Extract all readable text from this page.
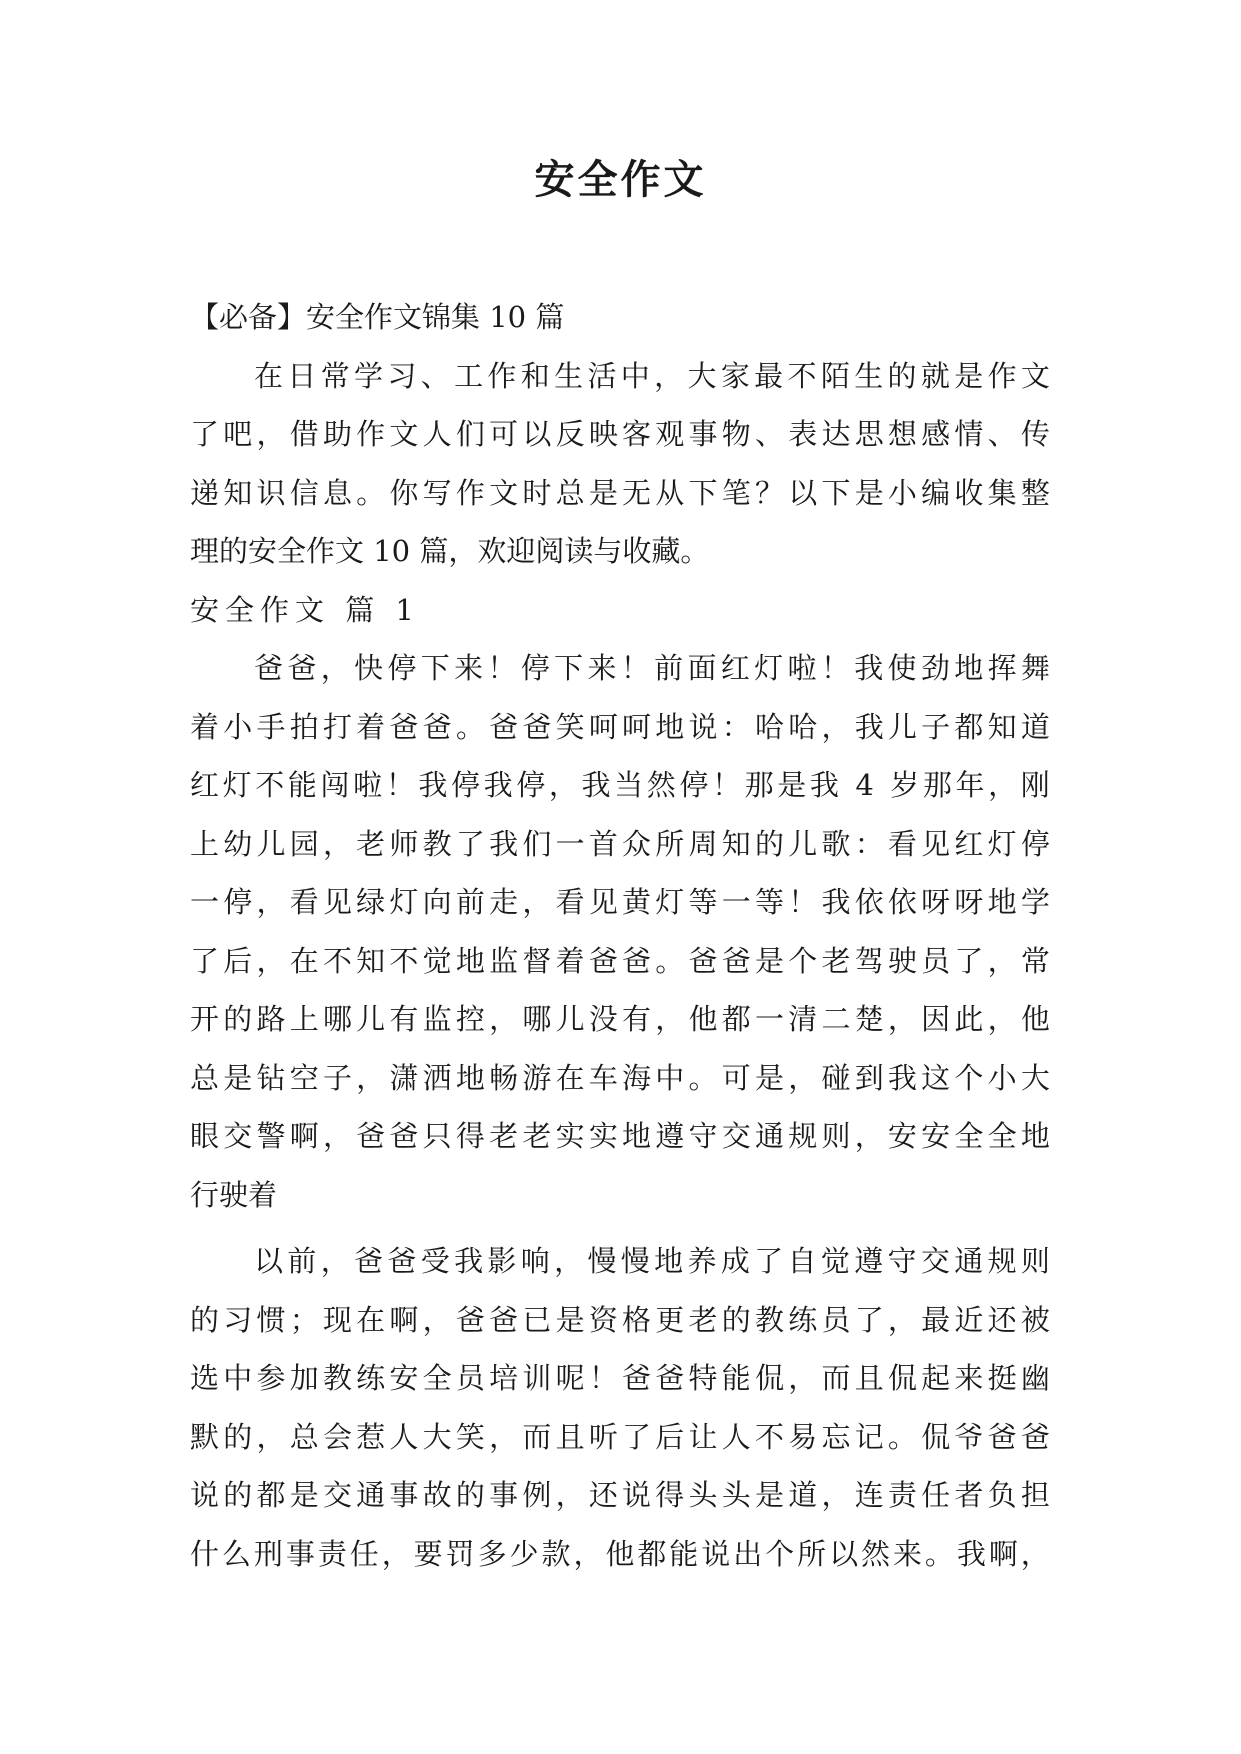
安全作文
【必备】安全作文锦集 10 篇
在 日 常 学 习 、 工 作 和 生 活 中 ， 大 家 最 不 陌 生 的 就 是 作 文
了 吧 ， 借 助 作 文 人 们 可 以 反 映 客 观 事 物 、 表 达 思 想 感 情 、 传
递 知 识 信 息 。 你 写 作 文 时 总 是 无 从 下 笔 ？ 以 下 是 小 编 收 集 整
理的安全作文 10 篇，欢迎阅读与收藏。
安全作文 篇 1
爸 爸 ， 快 停 下 来 ！ 停 下 来 ！ 前 面 红 灯 啦 ！ 我 使 劲 地 挥 舞
着 小 手 拍 打 着 爸 爸 。 爸 爸 笑 呵 呵 地 说 ： 哈 哈 ， 我 儿 子 都 知 道
红 灯 不 能 闯 啦 ！ 我 停 我 停 ， 我 当 然 停 ！ 那 是 我
4
岁 那 年 ， 刚
上 幼 儿 园 ， 老 师 教 了 我 们 一 首 众 所 周 知 的 儿 歌 ： 看 见 红 灯 停
一 停 ， 看 见 绿 灯 向 前 走 ， 看 见 黄 灯 等 一 等 ！ 我 依 依 呀 呀 地 学
了 后 ， 在 不 知 不 觉 地 监 督 着 爸 爸 。 爸 爸 是 个 老 驾 驶 员 了 ， 常
开 的 路 上 哪 儿 有 监 控 ， 哪 儿 没 有 ， 他 都 一 清 二 楚 ， 因 此 ， 他
总 是 钻 空 子 ， 潇 洒 地 畅 游 在 车 海 中 。 可 是 ， 碰 到 我 这 个 小 大
眼 交 警 啊 ， 爸 爸 只 得 老 老 实 实 地 遵 守 交 通 规 则 ， 安 安 全 全 地
行驶着
以 前 ， 爸 爸 受 我 影 响 ， 慢 慢 地 养 成 了 自 觉 遵 守 交 通 规 则
的 习 惯 ； 现 在 啊 ， 爸 爸 已 是 资 格 更 老 的 教 练 员 了 ， 最 近 还 被
选 中 参 加 教 练 安 全 员 培 训 呢 ！ 爸 爸 特 能 侃 ， 而 且 侃 起 来 挺 幽
默 的 ， 总 会 惹 人 大 笑 ， 而 且 听 了 后 让 人 不 易 忘 记 。 侃 爷 爸 爸
说 的 都 是 交 通 事 故 的 事 例 ， 还 说 得 头 头 是 道 ， 连 责 任 者 负 担
什 么 刑 事 责 任 ， 要 罚 多 少 款 ， 他 都 能 说 出 个 所 以 然 来 。 我 啊 ，
